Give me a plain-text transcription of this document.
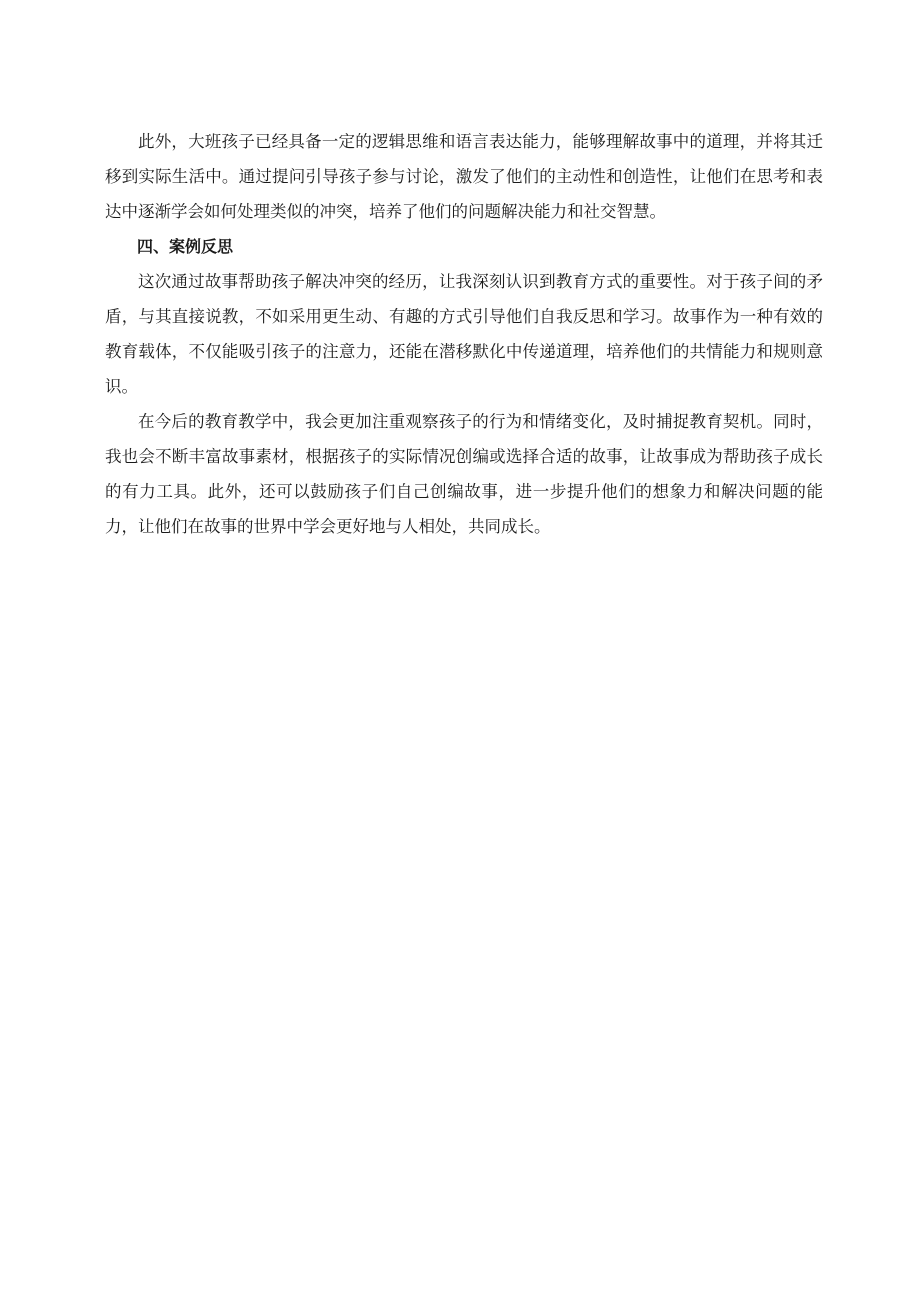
此外，大班孩子已经具备一定的逻辑思维和语言表达能力，能够理解故事中的道理，并将其迁移到实际生活中。通过提问引导孩子参与讨论，激发了他们的主动性和创造性，让他们在思考和表达中逐渐学会如何处理类似的冲突，培养了他们的问题解决能力和社交智慧。

四、案例反思

这次通过故事帮助孩子解决冲突的经历，让我深刻认识到教育方式的重要性。对于孩子间的矛盾，与其直接说教，不如采用更生动、有趣的方式引导他们自我反思和学习。故事作为一种有效的教育载体，不仅能吸引孩子的注意力，还能在潜移默化中传递道理，培养他们的共情能力和规则意识。

在今后的教育教学中，我会更加注重观察孩子的行为和情绪变化，及时捕捉教育契机。同时，我也会不断丰富故事素材，根据孩子的实际情况创编或选择合适的故事，让故事成为帮助孩子成长的有力工具。此外，还可以鼓励孩子们自己创编故事，进一步提升他们的想象力和解决问题的能力，让他们在故事的世界中学会更好地与人相处，共同成长。
